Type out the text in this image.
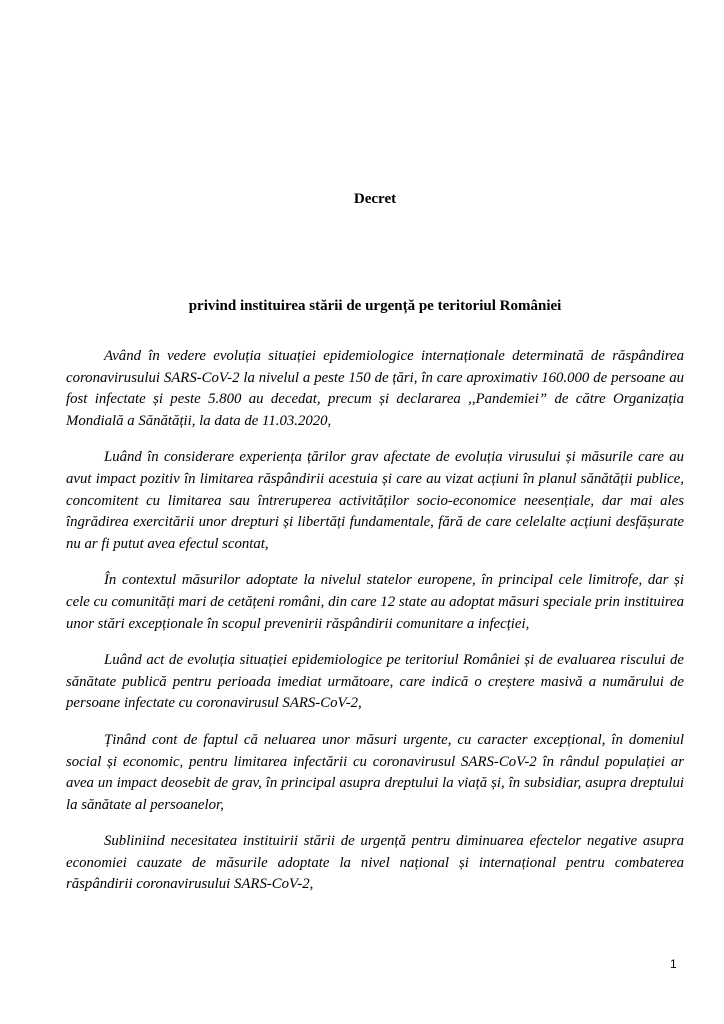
Decret
privind instituirea stării de urgență pe teritoriul României

Având în vedere evoluția situației epidemiologice internaționale determinată de răspândirea coronavirusului SARS-CoV-2 la nivelul a peste 150 de țări, în care aproximativ 160.000 de persoane au fost infectate și peste 5.800 au decedat, precum și declararea ,,Pandemiei” de către Organizația Mondială a Sănătății, la data de 11.03.2020,

Luând în considerare experiența țărilor grav afectate de evoluția virusului și măsurile care au avut impact pozitiv în limitarea răspândirii acestuia și care au vizat acțiuni în planul sănătății publice, concomitent cu limitarea sau întreruperea activităților socio-economice neesențiale, dar mai ales îngrădirea exercitării unor drepturi și libertăți fundamentale, fără de care celelalte acțiuni desfășurate nu ar fi putut avea efectul scontat,

În contextul măsurilor adoptate la nivelul statelor europene, în principal cele limitrofe, dar și cele cu comunități mari de cetățeni români, din care 12 state au adoptat măsuri speciale prin instituirea unor stări excepționale în scopul prevenirii răspândirii comunitare a infecției,

Luând act de evoluția situației epidemiologice pe teritoriul României și de evaluarea riscului de sănătate publică pentru perioada imediat următoare, care indică o creștere masivă a numărului de persoane infectate cu coronavirusul SARS-CoV-2,

Ținând cont de faptul că neluarea unor măsuri urgente, cu caracter excepțional, în domeniul social și economic, pentru limitarea infectării cu coronavirusul SARS-CoV-2 în rândul populației ar avea un impact deosebit de grav, în principal asupra dreptului la viață și, în subsidiar, asupra dreptului la sănătate al persoanelor,

Subliniind necesitatea instituirii stării de urgență pentru diminuarea efectelor negative asupra economiei cauzate de măsurile adoptate la nivel național și internațional pentru combaterea răspândirii coronavirusului SARS-CoV-2,

1
